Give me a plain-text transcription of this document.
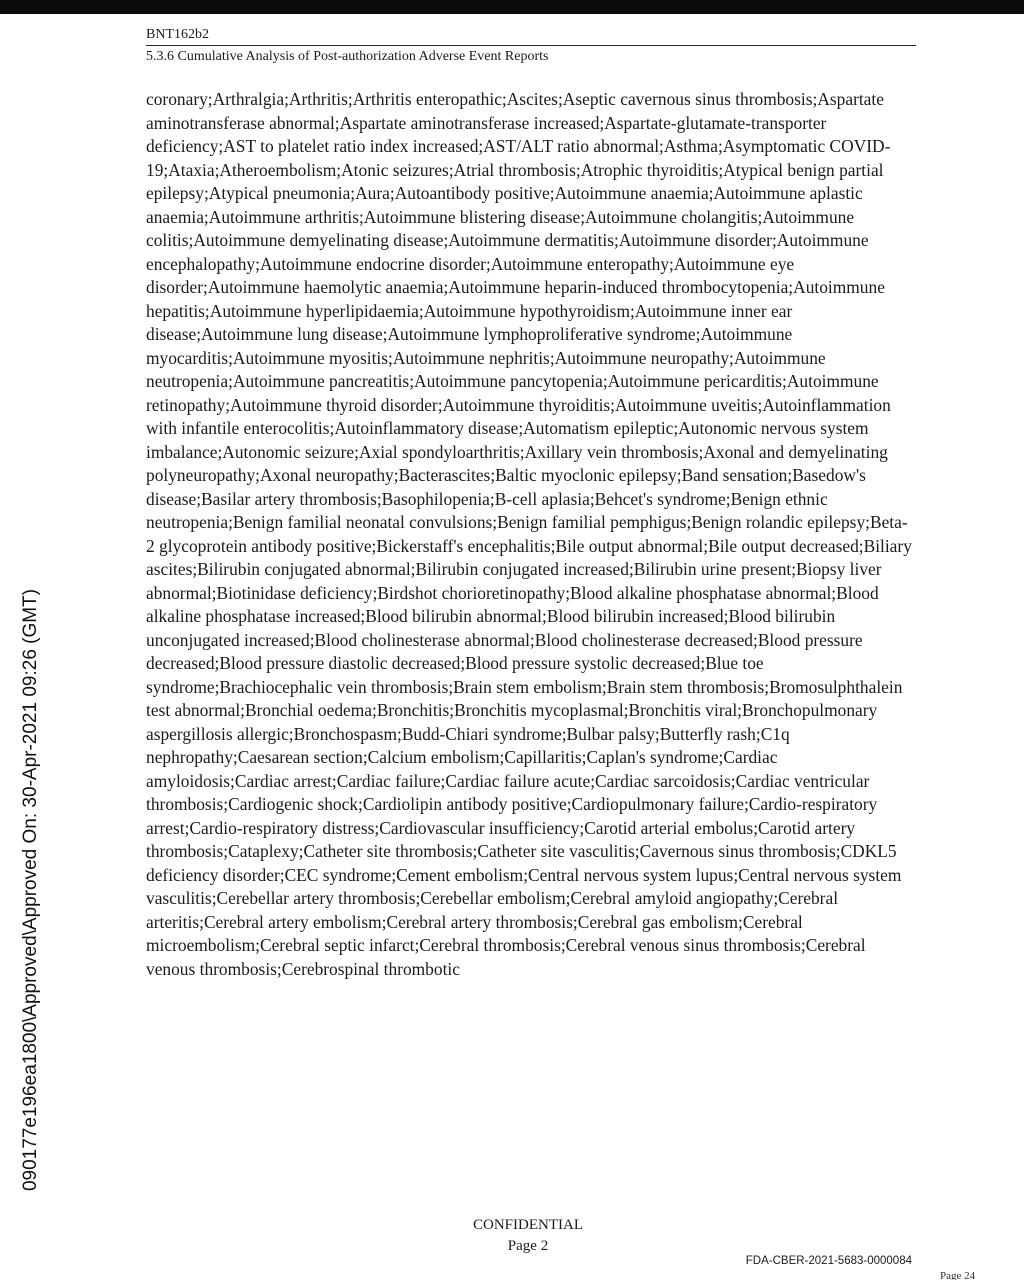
BNT162b2
5.3.6 Cumulative Analysis of Post-authorization Adverse Event Reports

coronary;Arthralgia;Arthritis;Arthritis enteropathic;Ascites;Aseptic cavernous sinus thrombosis;Aspartate aminotransferase abnormal;Aspartate aminotransferase increased;Aspartate-glutamate-transporter deficiency;AST to platelet ratio index increased;AST/ALT ratio abnormal;Asthma;Asymptomatic COVID-19;Ataxia;Atheroembolism;Atonic seizures;Atrial thrombosis;Atrophic thyroiditis;Atypical benign partial epilepsy;Atypical pneumonia;Aura;Autoantibody positive;Autoimmune anaemia;Autoimmune aplastic anaemia;Autoimmune arthritis;Autoimmune blistering disease;Autoimmune cholangitis;Autoimmune colitis;Autoimmune demyelinating disease;Autoimmune dermatitis;Autoimmune disorder;Autoimmune encephalopathy;Autoimmune endocrine disorder;Autoimmune enteropathy;Autoimmune eye disorder;Autoimmune haemolytic anaemia;Autoimmune heparin-induced thrombocytopenia;Autoimmune hepatitis;Autoimmune hyperlipidaemia;Autoimmune hypothyroidism;Autoimmune inner ear disease;Autoimmune lung disease;Autoimmune lymphoproliferative syndrome;Autoimmune myocarditis;Autoimmune myositis;Autoimmune nephritis;Autoimmune neuropathy;Autoimmune neutropenia;Autoimmune pancreatitis;Autoimmune pancytopenia;Autoimmune pericarditis;Autoimmune retinopathy;Autoimmune thyroid disorder;Autoimmune thyroiditis;Autoimmune uveitis;Autoinflammation with infantile enterocolitis;Autoinflammatory disease;Automatism epileptic;Autonomic nervous system imbalance;Autonomic seizure;Axial spondyloarthritis;Axillary vein thrombosis;Axonal and demyelinating polyneuropathy;Axonal neuropathy;Bacterascites;Baltic myoclonic epilepsy;Band sensation;Basedow's disease;Basilar artery thrombosis;Basophilopenia;B-cell aplasia;Behcet's syndrome;Benign ethnic neutropenia;Benign familial neonatal convulsions;Benign familial pemphigus;Benign rolandic epilepsy;Beta-2 glycoprotein antibody positive;Bickerstaff's encephalitis;Bile output abnormal;Bile output decreased;Biliary ascites;Bilirubin conjugated abnormal;Bilirubin conjugated increased;Bilirubin urine present;Biopsy liver abnormal;Biotinidase deficiency;Birdshot chorioretinopathy;Blood alkaline phosphatase abnormal;Blood alkaline phosphatase increased;Blood bilirubin abnormal;Blood bilirubin increased;Blood bilirubin unconjugated increased;Blood cholinesterase abnormal;Blood cholinesterase decreased;Blood pressure decreased;Blood pressure diastolic decreased;Blood pressure systolic decreased;Blue toe syndrome;Brachiocephalic vein thrombosis;Brain stem embolism;Brain stem thrombosis;Bromosulphthalein test abnormal;Bronchial oedema;Bronchitis;Bronchitis mycoplasmal;Bronchitis viral;Bronchopulmonary aspergillosis allergic;Bronchospasm;Budd-Chiari syndrome;Bulbar palsy;Butterfly rash;C1q nephropathy;Caesarean section;Calcium embolism;Capillaritis;Caplan's syndrome;Cardiac amyloidosis;Cardiac arrest;Cardiac failure;Cardiac failure acute;Cardiac sarcoidosis;Cardiac ventricular thrombosis;Cardiogenic shock;Cardiolipin antibody positive;Cardiopulmonary failure;Cardio-respiratory arrest;Cardio-respiratory distress;Cardiovascular insufficiency;Carotid arterial embolus;Carotid artery thrombosis;Cataplexy;Catheter site thrombosis;Catheter site vasculitis;Cavernous sinus thrombosis;CDKL5 deficiency disorder;CEC syndrome;Cement embolism;Central nervous system lupus;Central nervous system vasculitis;Cerebellar artery thrombosis;Cerebellar embolism;Cerebral amyloid angiopathy;Cerebral arteritis;Cerebral artery embolism;Cerebral artery thrombosis;Cerebral gas embolism;Cerebral microembolism;Cerebral septic infarct;Cerebral thrombosis;Cerebral venous sinus thrombosis;Cerebral venous thrombosis;Cerebrospinal thrombotic

090177e196ea1800\Approved\Approved On: 30-Apr-2021 09:26 (GMT)
CONFIDENTIAL
Page 2
FDA-CBER-2021-5683-0000084
Page 24
